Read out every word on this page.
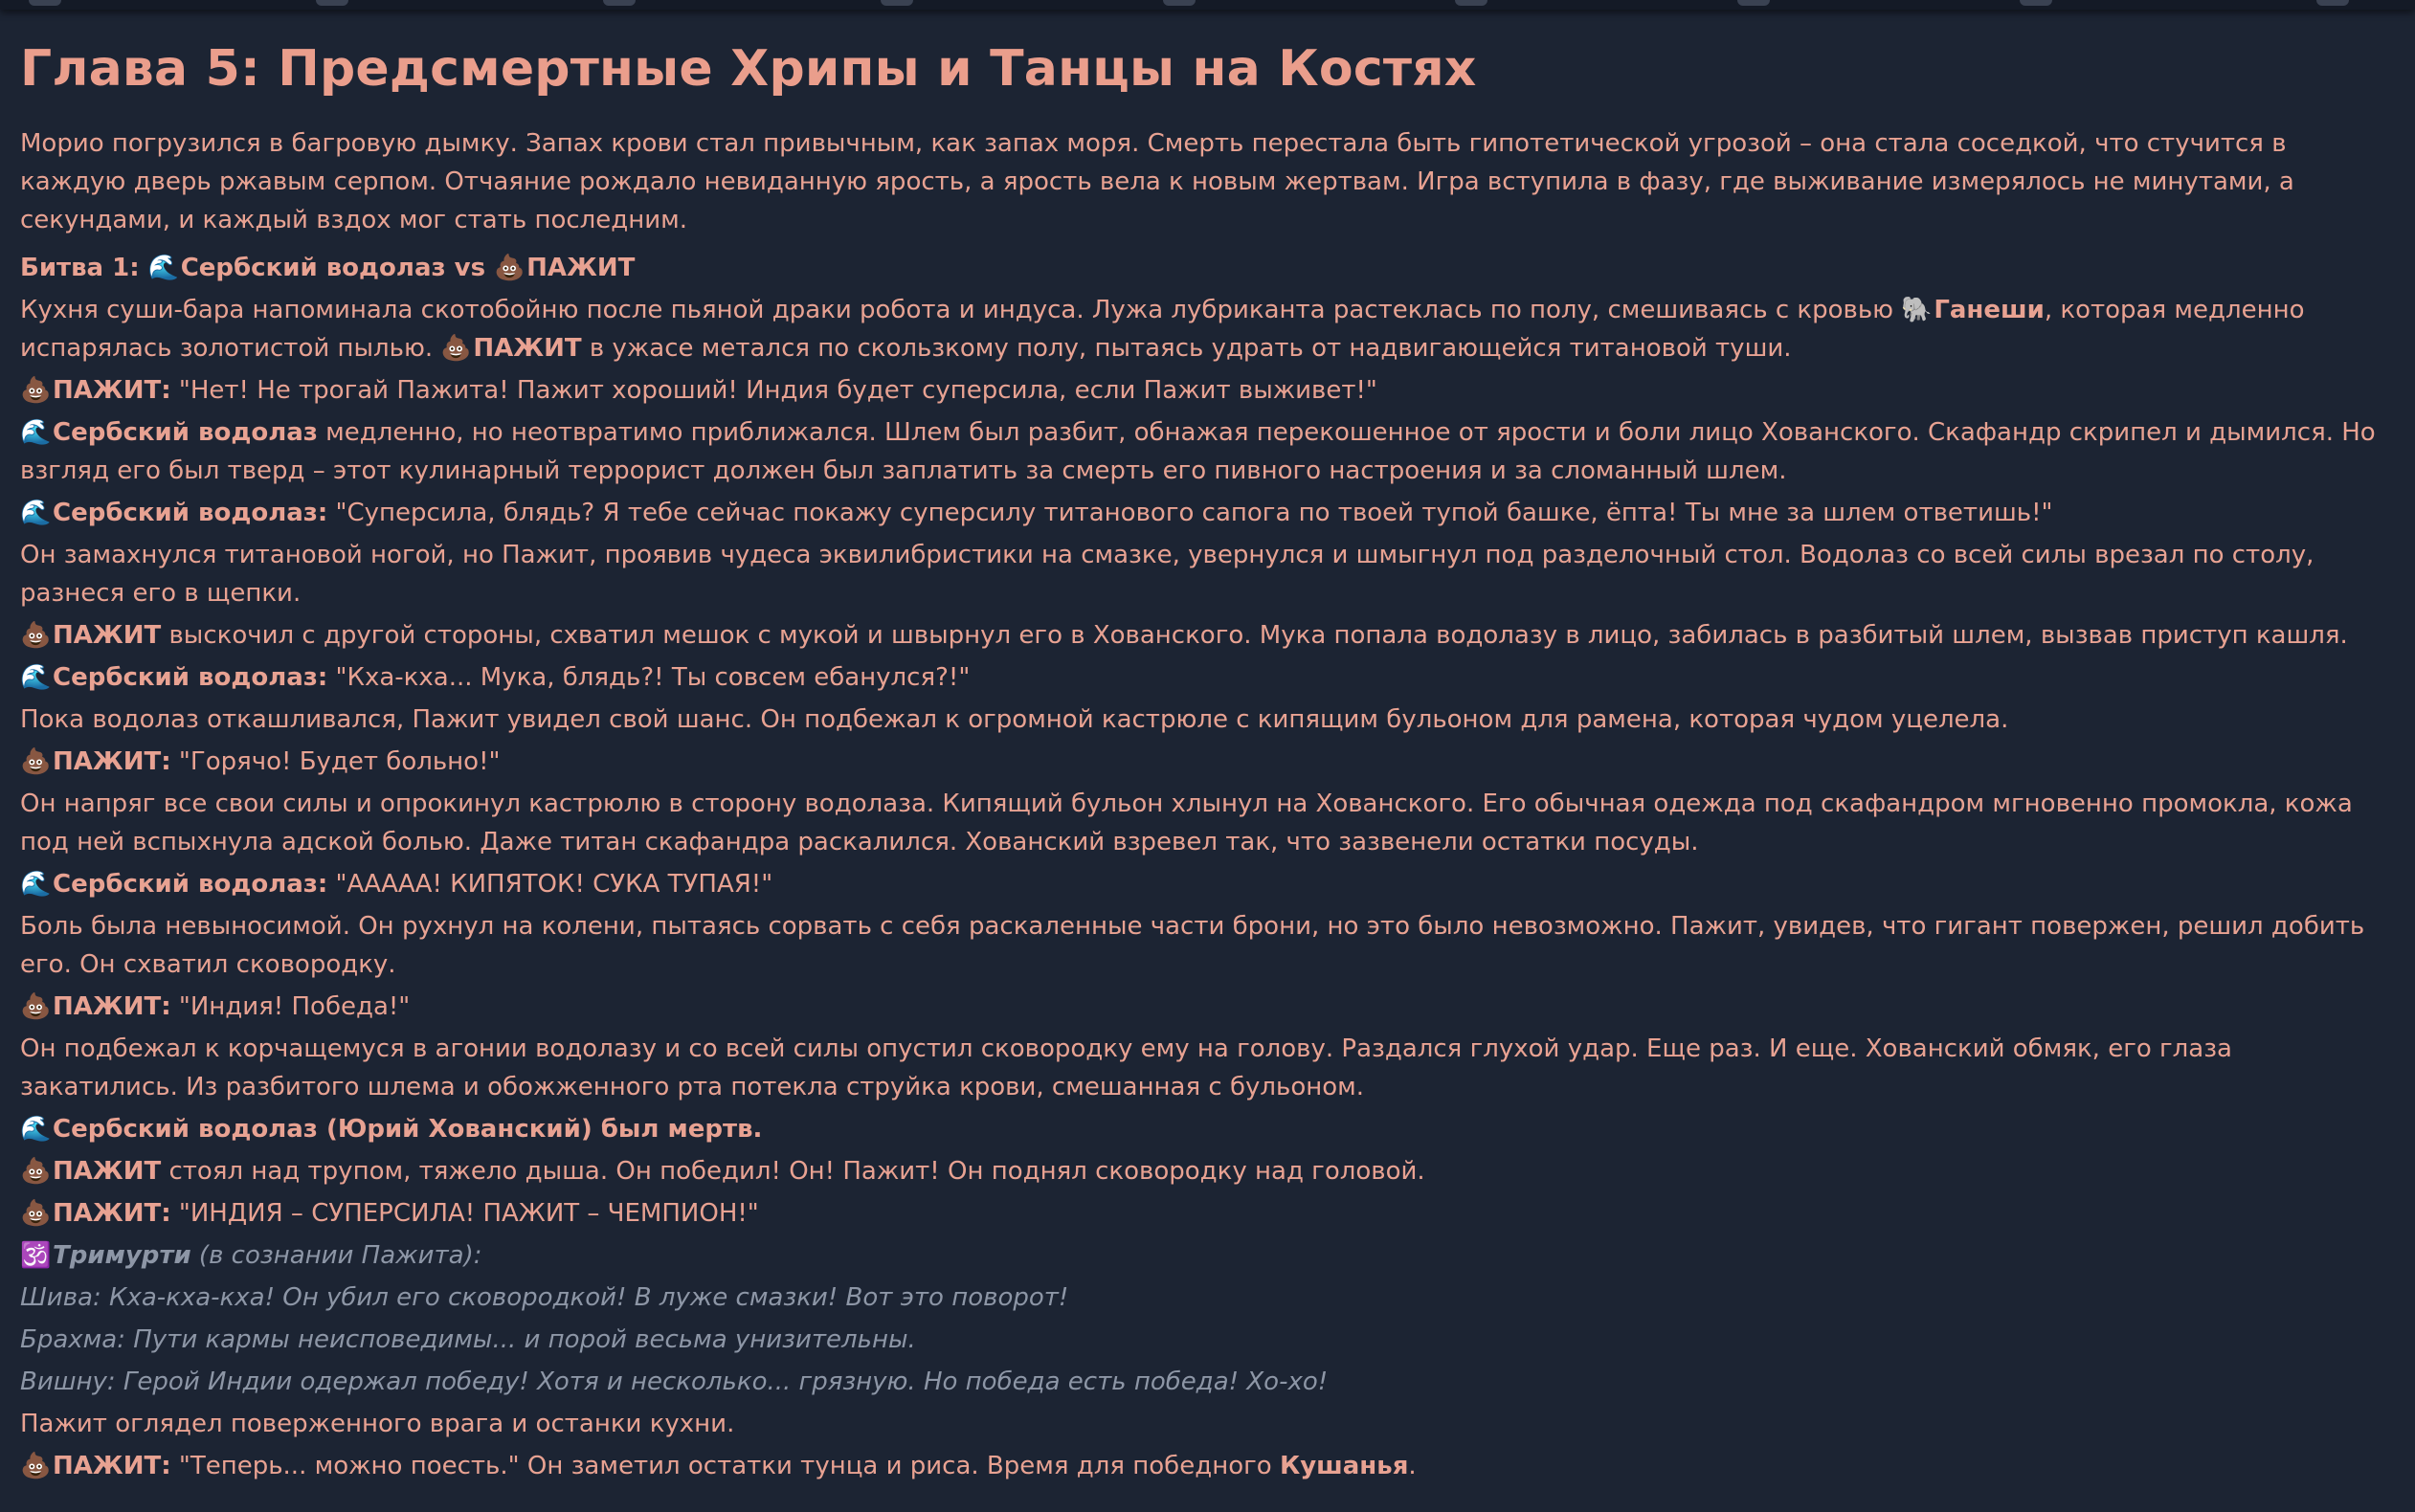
Глава 5: Предсмертные Хрипы и Танцы на Костях

Морио погрузился в багровую дымку. Запах крови стал привычным, как запах моря. Смерть перестала быть гипотетической угрозой – она стала соседкой, что стучится в каждую дверь ржавым серпом. Отчаяние рождало невиданную ярость, а ярость вела к новым жертвам. Игра вступила в фазу, где выживание измерялось не минутами, а секундами, и каждый вздох мог стать последним.

Битва 1: 🌊Сербский водолаз vs 💩ПАЖИТ

Кухня суши-бара напоминала скотобойню после пьяной драки робота и индуса. Лужа лубриканта растеклась по полу, смешиваясь с кровью 🐘Ганеши, которая медленно испарялась золотистой пылью. 💩ПАЖИТ в ужасе метался по скользкому полу, пытаясь удрать от надвигающейся титановой туши.

💩ПАЖИТ: "Нет! Не трогай Пажита! Пажит хороший! Индия будет суперсила, если Пажит выживет!"

🌊Сербский водолаз медленно, но неотвратимо приближался. Шлем был разбит, обнажая перекошенное от ярости и боли лицо Хованского. Скафандр скрипел и дымился. Но взгляд его был тверд – этот кулинарный террорист должен был заплатить за смерть его пивного настроения и за сломанный шлем.

🌊Сербский водолаз: "Суперсила, блядь? Я тебе сейчас покажу суперсилу титанового сапога по твоей тупой башке, ёпта! Ты мне за шлем ответишь!"

Он замахнулся титановой ногой, но Пажит, проявив чудеса эквилибристики на смазке, увернулся и шмыгнул под разделочный стол. Водолаз со всей силы врезал по столу, разнеся его в щепки.

💩ПАЖИТ выскочил с другой стороны, схватил мешок с мукой и швырнул его в Хованского. Мука попала водолазу в лицо, забилась в разбитый шлем, вызвав приступ кашля.

🌊Сербский водолаз: "Кха-кха... Мука, блядь?! Ты совсем ебанулся?!"

Пока водолаз откашливался, Пажит увидел свой шанс. Он подбежал к огромной кастрюле с кипящим бульоном для рамена, которая чудом уцелела.

💩ПАЖИТ: "Горячо! Будет больно!"

Он напряг все свои силы и опрокинул кастрюлю в сторону водолаза. Кипящий бульон хлынул на Хованского. Его обычная одежда под скафандром мгновенно промокла, кожа под ней вспыхнула адской болью. Даже титан скафандра раскалился. Хованский взревел так, что зазвенели остатки посуды.

🌊Сербский водолаз: "ААААА! КИПЯТОК! СУКА ТУПАЯ!"

Боль была невыносимой. Он рухнул на колени, пытаясь сорвать с себя раскаленные части брони, но это было невозможно. Пажит, увидев, что гигант повержен, решил добить его. Он схватил сковородку.

💩ПАЖИТ: "Индия! Победа!"

Он подбежал к корчащемуся в агонии водолазу и со всей силы опустил сковородку ему на голову. Раздался глухой удар. Еще раз. И еще. Хованский обмяк, его глаза закатились. Из разбитого шлема и обожженного рта потекла струйка крови, смешанная с бульоном.

🌊Сербский водолаз (Юрий Хованский) был мертв.

💩ПАЖИТ стоял над трупом, тяжело дыша. Он победил! Он! Пажит! Он поднял сковородку над головой.

💩ПАЖИТ: "ИНДИЯ – СУПЕРСИЛА! ПАЖИТ – ЧЕМПИОН!"

🕉️Тримурти (в сознании Пажита):

Шива: Кха-кха-кха! Он убил его сковородкой! В луже смазки! Вот это поворот!

Брахма: Пути кармы неисповедимы... и порой весьма унизительны.

Вишну: Герой Индии одержал победу! Хотя и несколько... грязную. Но победа есть победа! Хо-хо!

Пажит оглядел поверженного врага и останки кухни.

💩ПАЖИТ: "Теперь... можно поесть." Он заметил остатки тунца и риса. Время для победного Кушанья.
